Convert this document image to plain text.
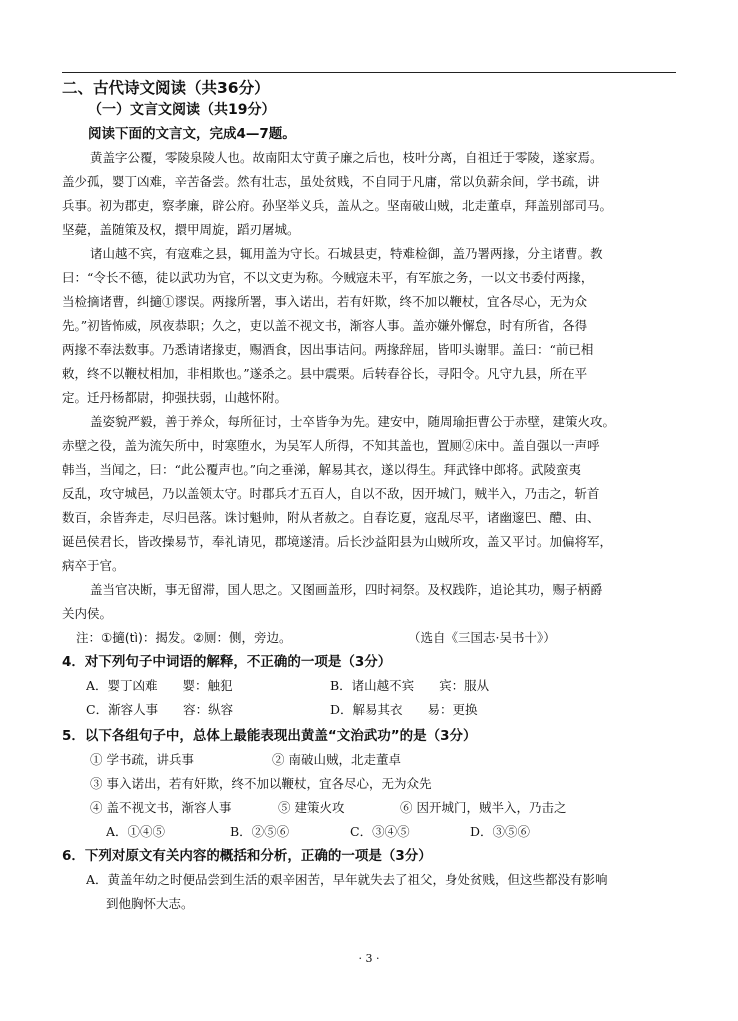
二、古代诗文阅读（共36分）
（一）文言文阅读（共19分）
阅读下面的文言文，完成4—7题。
黄盖字公覆，零陵泉陵人也。故南阳太守黄子廉之后也，枝叶分离，自祖迁于零陵，遂家焉。
盖少孤，婴丁凶难，辛苦备尝。然有壮志，虽处贫贱，不自同于凡庸，常以负薪余间，学书疏，讲
兵事。初为郡吏，察孝廉，辟公府。孙坚举义兵，盖从之。坚南破山贼，北走董卓，拜盖别部司马。
坚薨，盖随策及权，擐甲周旋，蹈刃屠城。
诸山越不宾，有寇难之县，辄用盖为守长。石城县吏，特难检御，盖乃署两掾，分主诸曹。教
曰：“令长不德，徒以武功为官，不以文吏为称。今贼寇未平，有军旅之务，一以文书委付两掾，
当检摘诸曹，纠擿①谬误。两掾所署，事入诺出，若有奸欺，终不加以鞭杖，宜各尽心，无为众
先。”初皆怖威，夙夜恭职；久之，吏以盖不视文书，渐容人事。盖亦嫌外懈怠，时有所省，各得
两掾不奉法数事。乃悉请诸掾吏，赐酒食，因出事诘问。两掾辞屈，皆叩头谢罪。盖曰：“前已相
敕，终不以鞭杖相加，非相欺也。”遂杀之。县中震栗。后转春谷长，寻阳令。凡守九县，所在平
定。迁丹杨都尉，抑强扶弱，山越怀附。
盖姿貌严毅，善于养众，每所征讨，士卒皆争为先。建安中，随周瑜拒曹公于赤壁，建策火攻。
赤壁之役，盖为流矢所中，时寒堕水，为吴军人所得，不知其盖也，置厕②床中。盖自强以一声呼
韩当，当闻之，曰：“此公覆声也。”向之垂涕，解易其衣，遂以得生。拜武锋中郎将。武陵蛮夷
反乱，攻守城邑，乃以盖领太守。时郡兵才五百人，自以不敌，因开城门，贼半入，乃击之，斩首
数百，余皆奔走，尽归邑落。诛讨魁帅，附从者赦之。自春讫夏，寇乱尽平，诸幽邃巴、醴、由、
诞邑侯君长，皆改操易节，奉礼请见，郡境遂清。后长沙益阳县为山贼所攻，盖又平讨。加偏将军，
病卒于官。
盖当官决断，事无留滞，国人思之。又图画盖形，四时祠祭。及权践阼，追论其功，赐子柄爵
关内侯。
注：①擿(tì)：揭发。②厕：侧，旁边。	（选自《三国志·吴书十》）
4．对下列句子中词语的解释，不正确的一项是（3分）
A．婴丁凶难　　婴：触犯	B．诸山越不宾　　宾：服从
C．渐容人事　　容：纵容	D．解易其衣　　易：更换
5．以下各组句子中，总体上最能表现出黄盖“文治武功”的是（3分）
① 学书疏，讲兵事	② 南破山贼，北走董卓
③ 事入诺出，若有奸欺，终不加以鞭杖，宜各尽心，无为众先
④ 盖不视文书，渐容人事	⑤ 建策火攻	⑥ 因开城门，贼半入，乃击之
A．①④⑤	B．②⑤⑥	C．③④⑤	D．③⑤⑥
6．下列对原文有关内容的概括和分析，正确的一项是（3分）
A．黄盖年幼之时便品尝到生活的艰辛困苦，早年就失去了祖父，身处贫贱，但这些都没有影响
到他胸怀大志。
· 3 ·
